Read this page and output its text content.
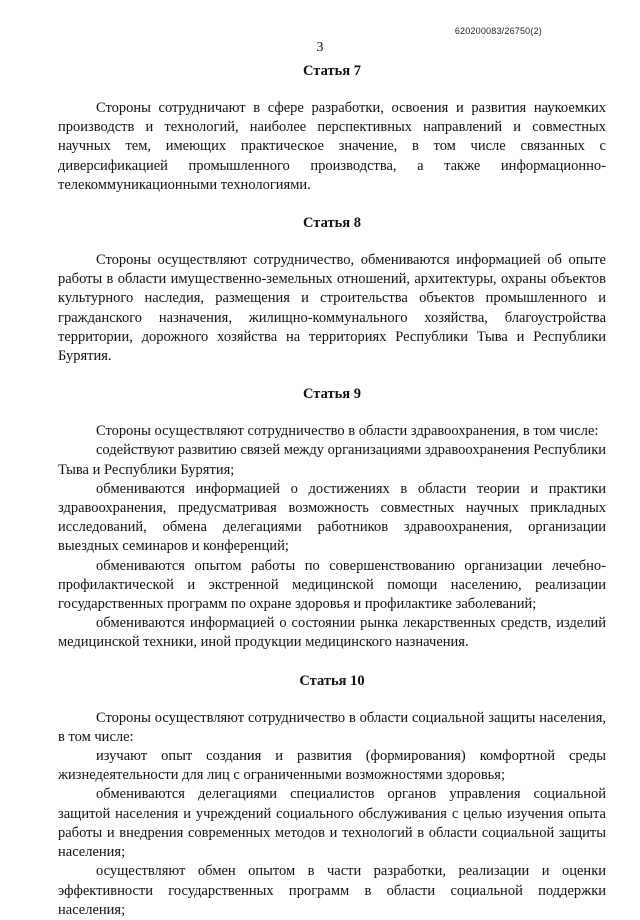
620200083/26750(2)
3
Статья 7

Стороны сотрудничают в сфере разработки, освоения и развития наукоемких производств и технологий, наиболее перспективных направлений и совместных научных тем, имеющих практическое значение, в том числе связанных с диверсификацией промышленного производства, а также информационно-телекоммуникационными технологиями.

Статья 8

Стороны осуществляют сотрудничество, обмениваются информацией об опыте работы в области имущественно-земельных отношений, архитектуры, охраны объектов культурного наследия, размещения и строительства объектов промышленного и гражданского назначения, жилищно-коммунального хозяйства, благоустройства территории, дорожного хозяйства на территориях Республики Тыва и Республики Бурятия.

Статья 9

Стороны осуществляют сотрудничество в области здравоохранения, в том числе:

содействуют развитию связей между организациями здравоохранения Республики Тыва и Республики Бурятия;

обмениваются информацией о достижениях в области теории и практики здравоохранения, предусматривая возможность совместных научных прикладных исследований, обмена делегациями работников здравоохранения, организации выездных семинаров и конференций;

обмениваются опытом работы по совершенствованию организации лечебно-профилактической и экстренной медицинской помощи населению, реализации государственных программ по охране здоровья и профилактике заболеваний;

обмениваются информацией о состоянии рынка лекарственных средств, изделий медицинской техники, иной продукции медицинского назначения.

Статья 10

Стороны осуществляют сотрудничество в области социальной защиты населения, в том числе:

изучают опыт создания и развития (формирования) комфортной среды жизнедеятельности для лиц с ограниченными возможностями здоровья;

обмениваются делегациями специалистов органов управления социальной защитой населения и учреждений социального обслуживания с целью изучения опыта работы и внедрения современных методов и технологий в области социальной защиты населения;

осуществляют обмен опытом в части разработки, реализации и оценки эффективности государственных программ в области социальной поддержки населения;
